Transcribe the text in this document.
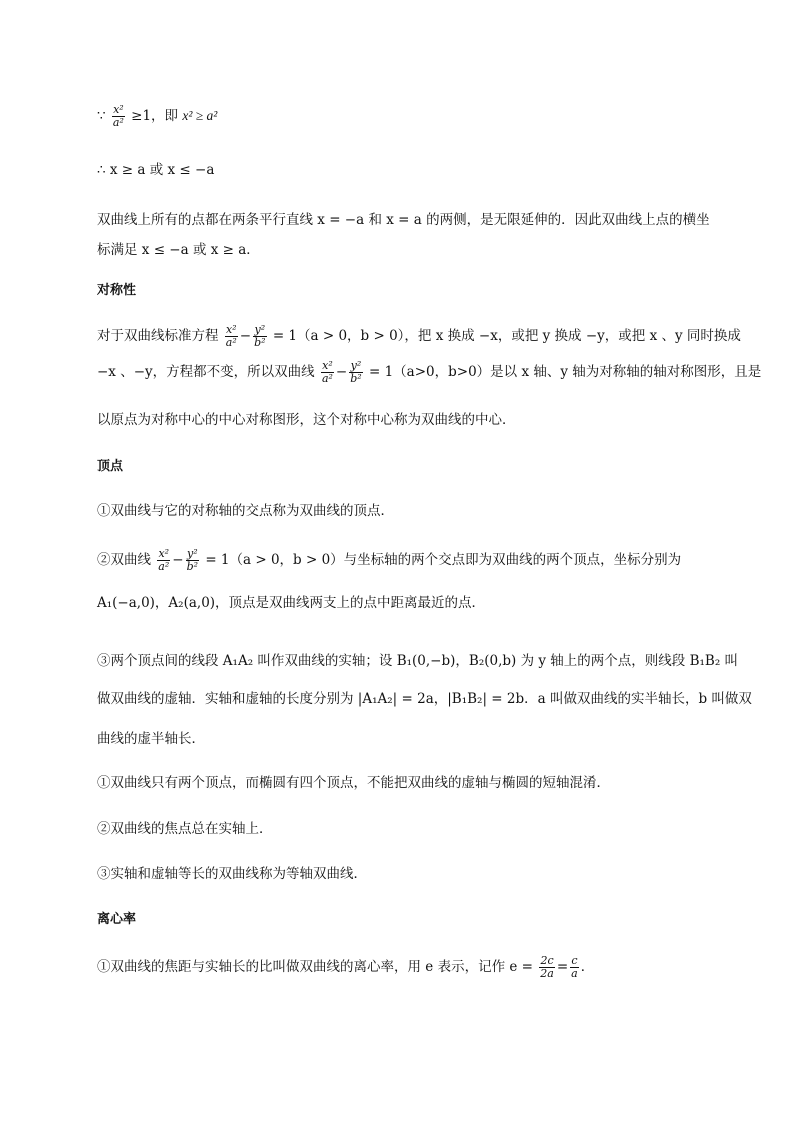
∵ $\frac{\text{x²}}{\text{a²}} \ge 1$，即 x² ≥ a²
∴ x ≥ a 或 x ≤ −a
双曲线上所有的点都在两条平行直线 x = −a 和 x = a 的两侧，是无限延伸的．因此双曲线上点的横坐标满足 x ≤ −a 或 x ≥ a．
对称性
对于双曲线标准方程 $\frac{\text{x²}}{\text{a²}} - \frac{\text{y²}}{\text{b²}} = 1(a > 0$，b > 0），把 x 换成 −x，或把 y 换成 −y，或把 x 、y 同时换成
−x 、−y，方程都不变，所以双曲线 $\frac{\text{x²}}{\text{a²}} - \frac{\text{y²}}{\text{b²}} = 1(a>0$，b>0）是以 x 轴、y 轴为对称轴的轴对称图形，且是
以原点为对称中心的中心对称图形，这个对称中心称为双曲线的中心．
顶点
①双曲线与它的对称轴的交点称为双曲线的顶点．
②双曲线 $\frac{\text{x²}}{\text{a²}} - \frac{\text{y²}}{\text{b²}} = 1(a > 0$，b > 0）与坐标轴的两个交点即为双曲线的两个顶点，坐标分别为
A₁(−a,0)，A₂(a,0)，顶点是双曲线两支上的点中距离最近的点．
③两个顶点间的线段 A₁A₂ 叫作双曲线的实轴；设 B₁(0,−b)，B₂(0,b) 为 y 轴上的两个点，则线段 B₁B₂ 叫
做双曲线的虚轴．实轴和虚轴的长度分别为 |A₁A₂| = 2a，|B₁B₂| = 2b．a 叫做双曲线的实半轴长，b 叫做双
曲线的虚半轴长．
①双曲线只有两个顶点，而椭圆有四个顶点，不能把双曲线的虚轴与椭圆的短轴混淆．
②双曲线的焦点总在实轴上．
③实轴和虚轴等长的双曲线称为等轴双曲线．
离心率
①双曲线的焦距与实轴长的比叫做双曲线的离心率，用 e 表示，记作 $e = \frac{2c}{2a} = \frac{c}{a}$ ．
